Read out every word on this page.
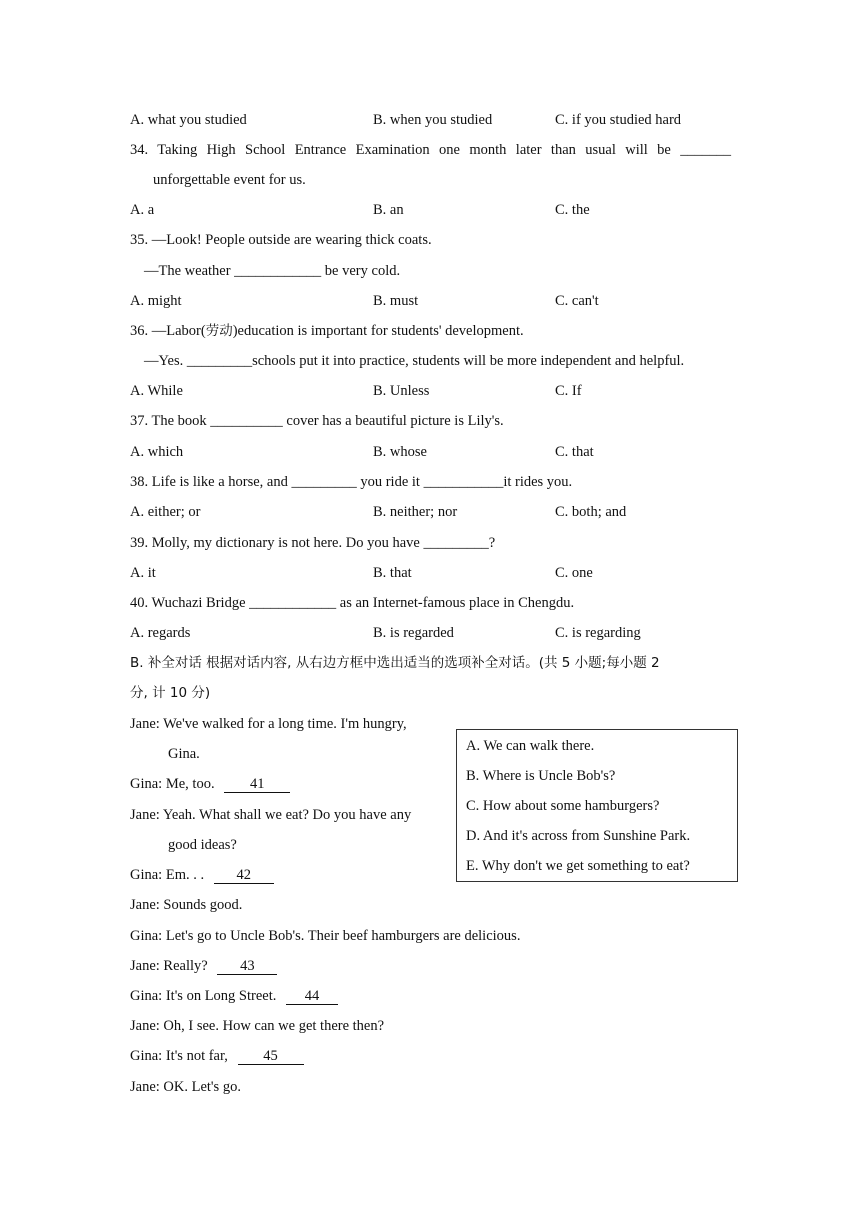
A. what you studied	B. when you studied	C. if you studied hard
34. Taking High School Entrance Examination one month later than usual will be _______
unforgettable event for us.
A. a	B. an	C. the
35. —Look! People outside are wearing thick coats.
—The weather ____________ be very cold.
A. might	B. must	C. can't
36. —Labor(劳动)education is important for students' development.
—Yes. _________schools put it into practice, students will be more independent and helpful.
A. While	B. Unless	C. If
37. The book __________ cover has a beautiful picture is Lily's.
A. which	B. whose	C. that
38. Life is like a horse, and _________ you ride it ___________it rides you.
A. either; or	B. neither; nor	C. both; and
39. Molly, my dictionary is not here. Do you have _________?
A. it	B. that	C. one
40. Wuchazi Bridge ____________ as an Internet-famous place in Chengdu.
A. regards	B. is regarded	C. is regarding
B. 补全对话 根据对话内容, 从右边方框中选出适当的选项补全对话。(共 5 小题;每小题 2
分, 计 10 分)
A. We can walk there.
B. Where is Uncle Bob's?
C. How about some hamburgers?
D. And it's across from Sunshine Park.
E. Why don't we get something to eat?
Jane: We've walked for a long time. I'm hungry,
Gina.
Gina: Me, too. 41
Jane: Yeah. What shall we eat? Do you have any
good ideas?
Gina: Em. . . 42
Jane: Sounds good.
Gina: Let's go to Uncle Bob's. Their beef hamburgers are delicious.
Jane: Really? 43
Gina: It's on Long Street. 44
Jane: Oh, I see. How can we get there then?
Gina: It's not far, 45
Jane: OK. Let's go.
